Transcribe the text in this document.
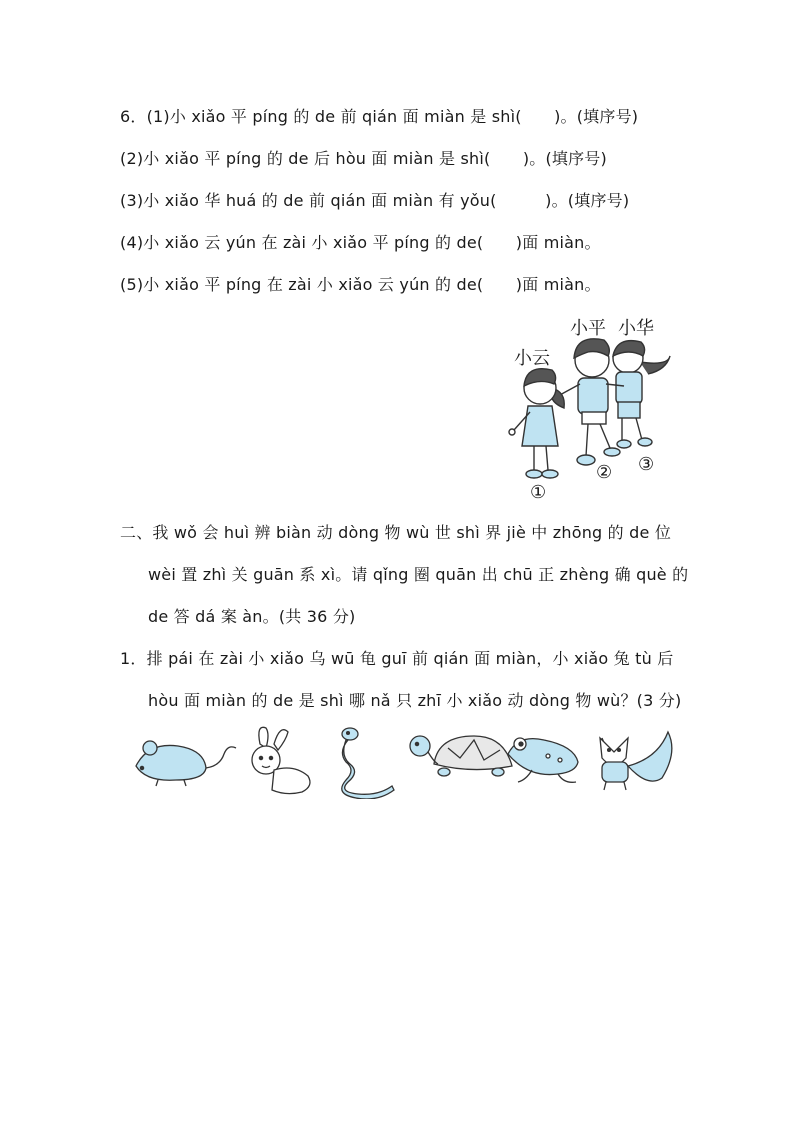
6．(1)小 xiǎo 平 píng 的 de 前 qián 面 miàn 是 shì(　　)。(填序号)
(2)小 xiǎo 平 píng 的 de 后 hòu 面 miàn 是 shì(　　)。(填序号)
(3)小 xiǎo 华 huá 的 de 前 qián 面 miàn 有 yǒu(　　　)。(填序号)
(4)小 xiǎo 云 yún 在 zài 小 xiǎo 平 píng 的 de(　　)面 miàn。
(5)小 xiǎo 平 píng 在 zài 小 xiǎo 云 yún 的 de(　　)面 miàn。
小平 小华
小云
①
② ③
二、我 wǒ 会 huì 辨 biàn 动 dòng 物 wù 世 shì 界 jiè 中 zhōng 的 de 位
wèi 置 zhì 关 guān 系 xì。请 qǐng 圈 quān 出 chū 正 zhèng 确 què 的
de 答 dá 案 àn。(共 36 分)
1．排 pái 在 zài 小 xiǎo 乌 wū 龟 guī 前 qián 面 miàn，小 xiǎo 兔 tù 后
hòu 面 miàn 的 de 是 shì 哪 nǎ 只 zhī 小 xiǎo 动 dòng 物 wù？(3 分)
